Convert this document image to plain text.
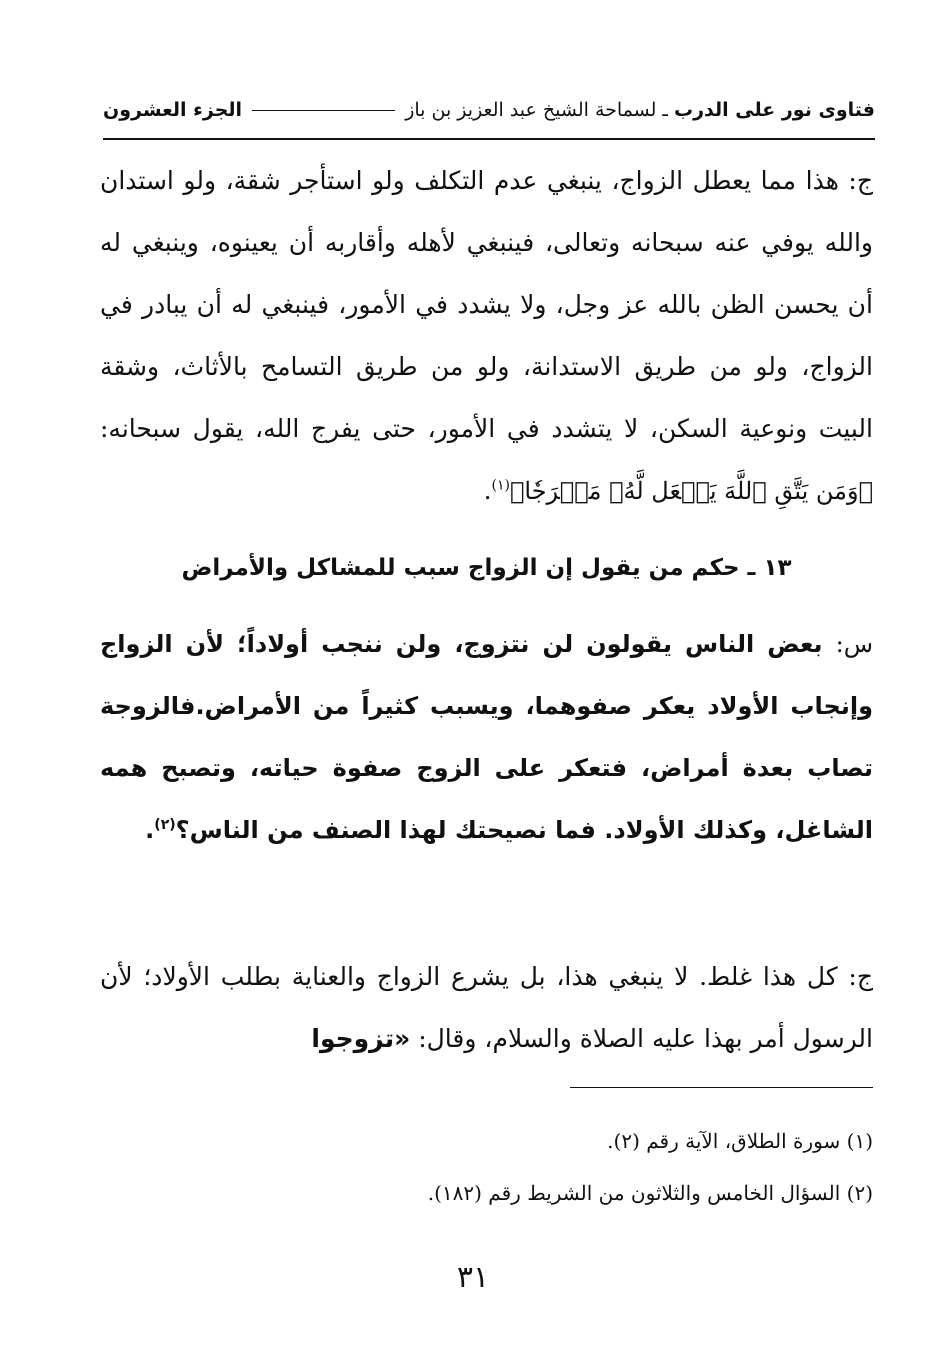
فتاوى نور على الدرب
ـ
لسماحة الشيخ عبد العزيز بن باز
الجزء العشرون
ج: هذا مما يعطل الزواج، ينبغي عدم التكلف ولو استأجر شقة، ولو استدان والله يوفي عنه سبحانه وتعالى، فينبغي لأهله وأقاربه أن يعينوه، وينبغي له أن يحسن الظن بالله عز وجل، ولا يشدد في الأمور، فينبغي له أن يبادر في الزواج، ولو من طريق الاستدانة، ولو من طريق التسامح بالأثاث، وشقة البيت ونوعية السكن، لا يتشدد في الأمور، حتى يفرج الله، يقول سبحانه: ﴿وَمَن يَتَّقِ ٱللَّهَ يَجۡعَل لَّهُۥ مَخۡرَجٗا﴾$^{(١)}$.
١٣ ـ حكم من يقول إن الزواج سبب للمشاكل والأمراض
س: بعض الناس يقولون لن نتزوج، ولن ننجب أولاداً؛ لأن الزواج وإنجاب الأولاد يعكر صفوهما، ويسبب كثيراً من الأمراض.فالزوجة تصاب بعدة أمراض، فتعكر على الزوج صفوة حياته، وتصبح همه الشاغل، وكذلك الأولاد. فما نصيحتك لهذا الصنف من الناس؟$^{(٢)}$.
ج: كل هذا غلط. لا ينبغي هذا، بل يشرع الزواج والعناية بطلب الأولاد؛ لأن الرسول أمر بهذا عليه الصلاة والسلام، وقال: «تزوجوا
(١) سورة الطلاق، الآية رقم (٢).
(٢) السؤال الخامس والثلاثون من الشريط رقم (١٨٢).
٣١
